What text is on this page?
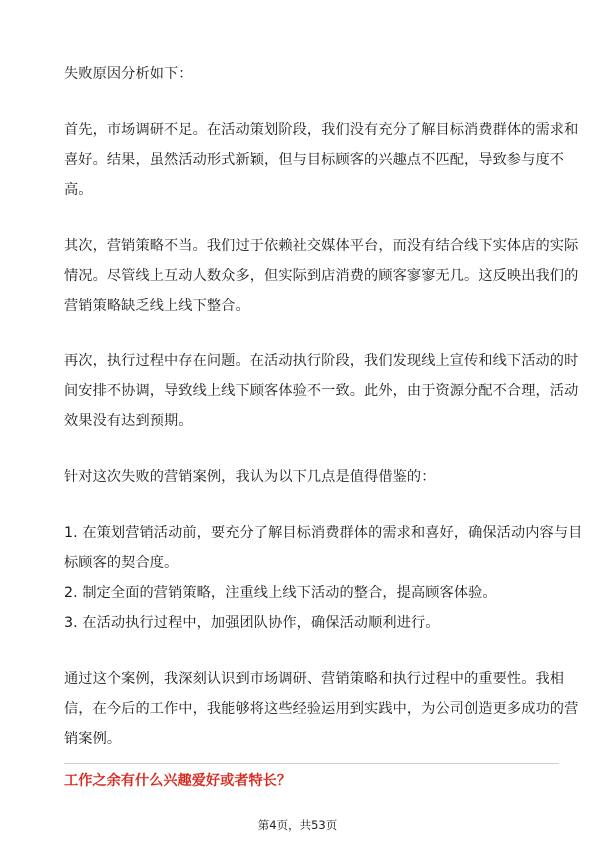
失败原因分析如下：
首先，市场调研不足。在活动策划阶段，我们没有充分了解目标消费群体的需求和
喜好。结果，虽然活动形式新颖，但与目标顾客的兴趣点不匹配，导致参与度不
高。
其次，营销策略不当。我们过于依赖社交媒体平台，而没有结合线下实体店的实际
情况。尽管线上互动人数众多，但实际到店消费的顾客寥寥无几。这反映出我们的
营销策略缺乏线上线下整合。
再次，执行过程中存在问题。在活动执行阶段，我们发现线上宣传和线下活动的时
间安排不协调，导致线上线下顾客体验不一致。此外，由于资源分配不合理，活动
效果没有达到预期。
针对这次失败的营销案例，我认为以下几点是值得借鉴的：
1. 在策划营销活动前，要充分了解目标消费群体的需求和喜好，确保活动内容与目
标顾客的契合度。
2. 制定全面的营销策略，注重线上线下活动的整合，提高顾客体验。
3. 在活动执行过程中，加强团队协作，确保活动顺利进行。
通过这个案例，我深刻认识到市场调研、营销策略和执行过程中的重要性。我相
信，在今后的工作中，我能够将这些经验运用到实践中，为公司创造更多成功的营
销案例。
工作之余有什么兴趣爱好或者特长？
第4页，共53页
